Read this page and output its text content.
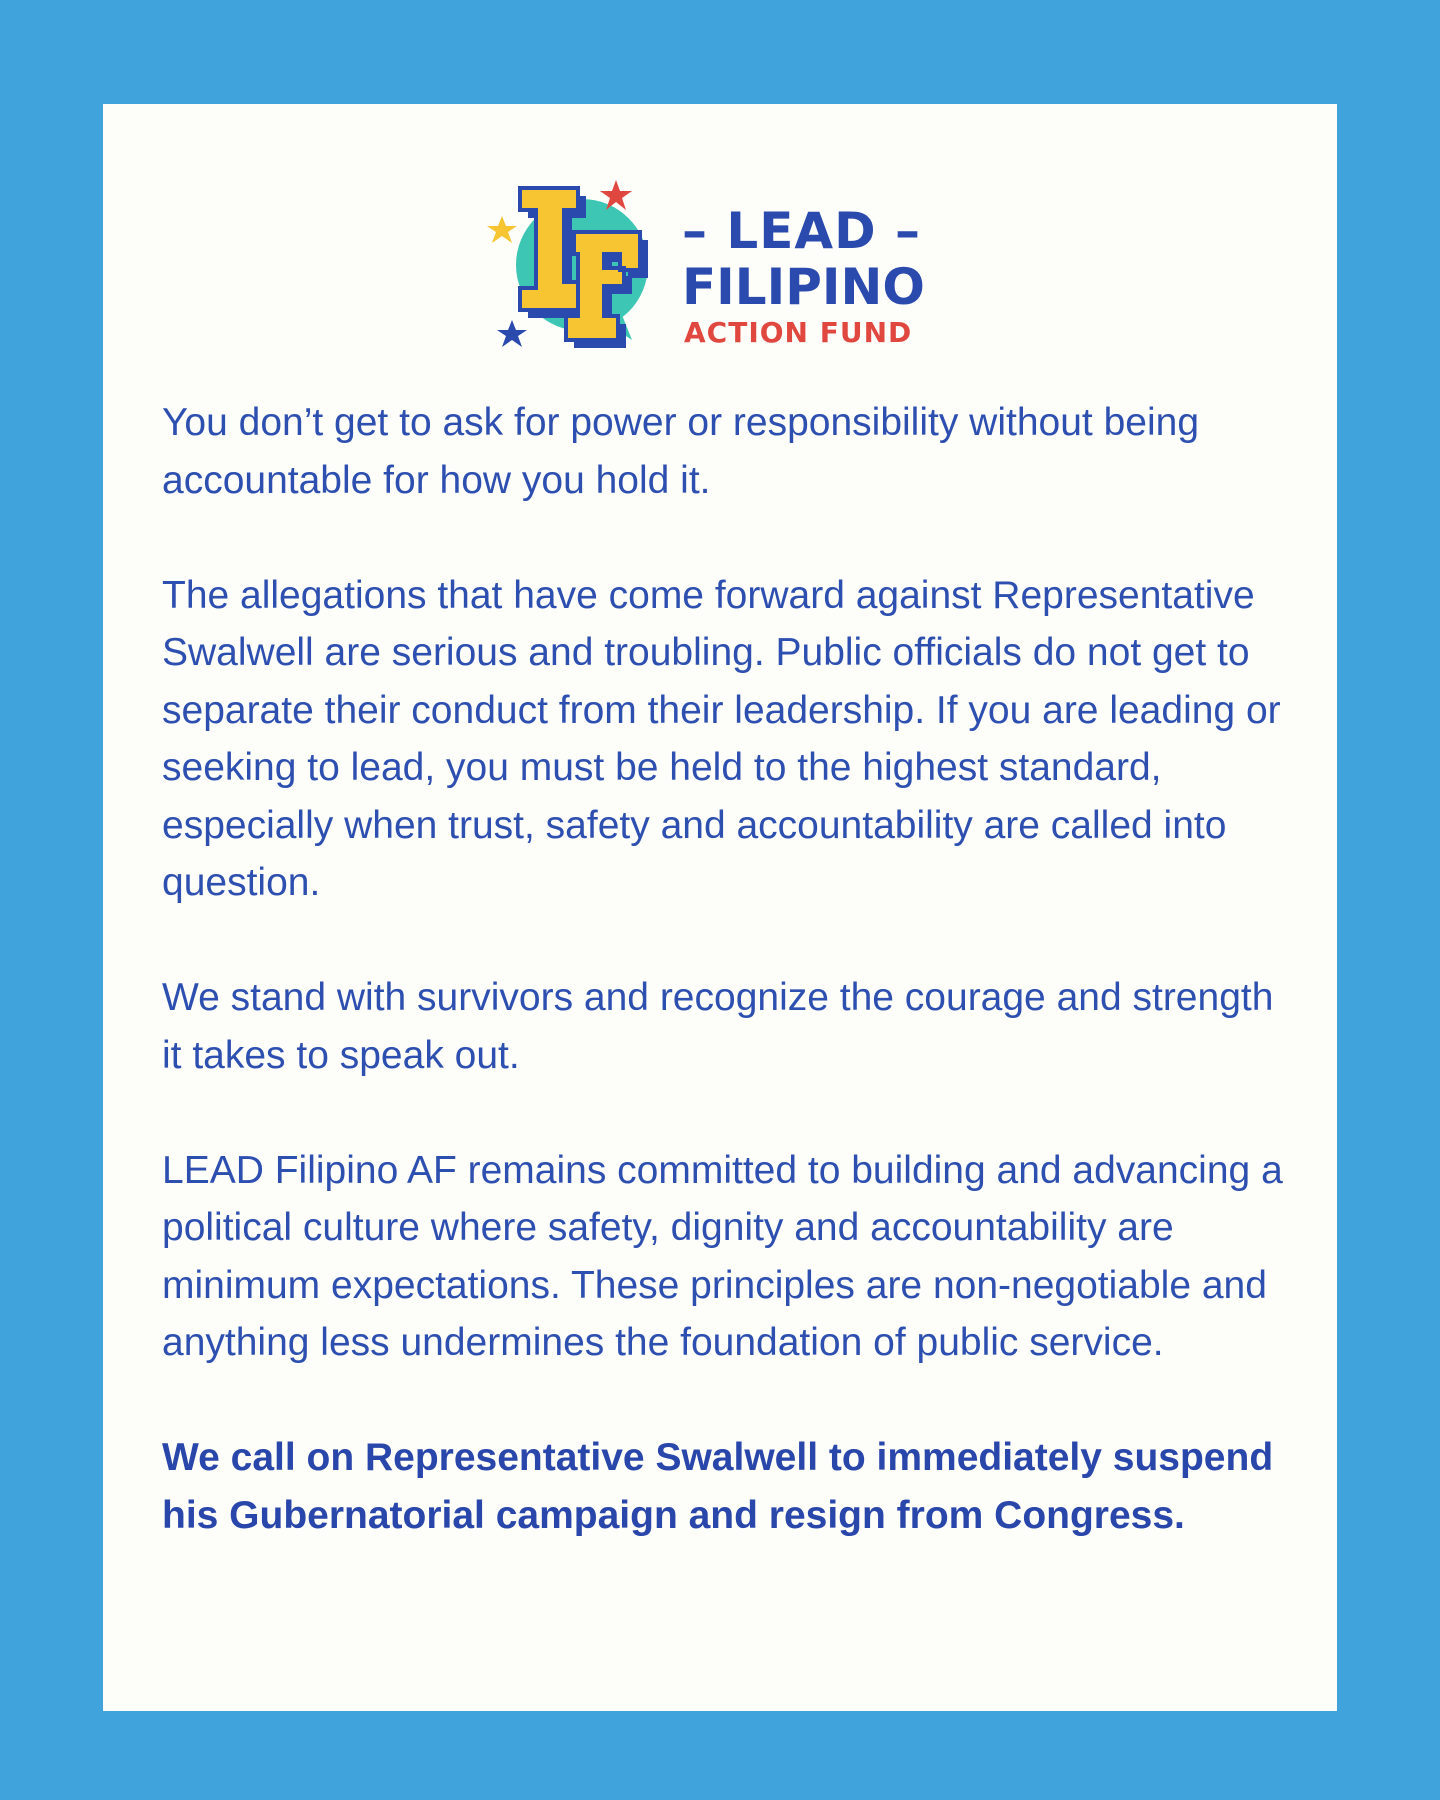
– LEAD –
FILIPINO
ACTION FUND

You don’t get to ask for power or responsibility without being accountable for how you hold it.

The allegations that have come forward against Representative Swalwell are serious and troubling. Public officials do not get to separate their conduct from their leadership. If you are leading or seeking to lead, you must be held to the highest standard, especially when trust, safety and accountability are called into question.

We stand with survivors and recognize the courage and strength it takes to speak out.

LEAD Filipino AF remains committed to building and advancing a political culture where safety, dignity and accountability are minimum expectations. These principles are non-negotiable and anything less undermines the foundation of public service.

We call on Representative Swalwell to immediately suspend his Gubernatorial campaign and resign from Congress.
